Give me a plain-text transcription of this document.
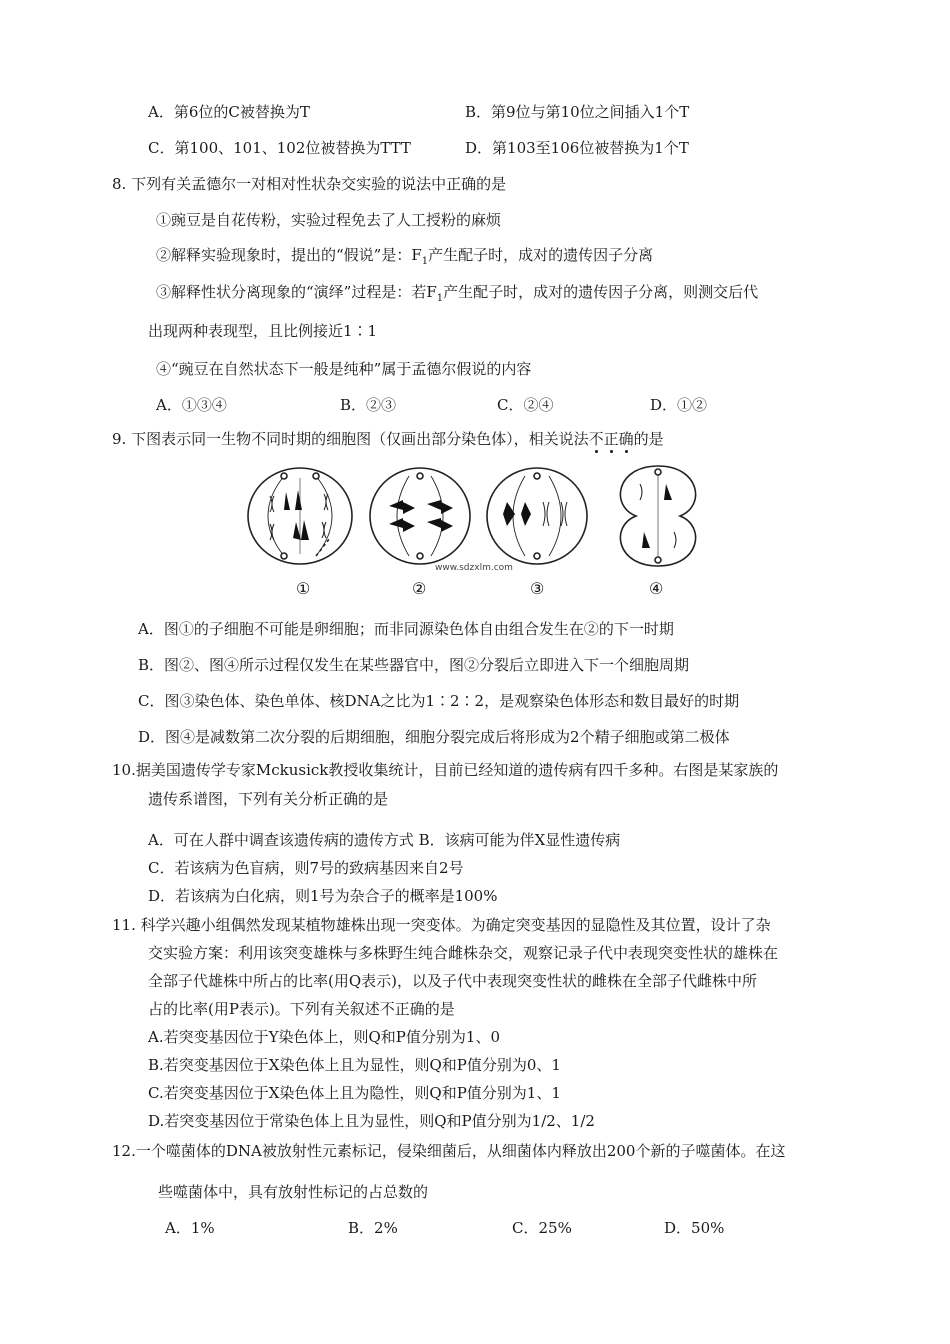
A．第6位的C被替换为T	B．第9位与第10位之间插入1个T
C．第100、101、102位被替换为TTT	D．第103至106位被替换为1个T
8. 下列有关孟德尔一对相对性状杂交实验的说法中正确的是
①豌豆是自花传粉，实验过程免去了人工授粉的麻烦
②解释实验现象时，提出的“假说”是：$F_1$产生配子时，成对的遗传因子分离
③解释性状分离现象的“演绎”过程是：若$F_1$产生配子时，成对的遗传因子分离，则测交后代
出现两种表现型，且比例接近1∶1
④“豌豆在自然状态下一般是纯种”属于孟德尔假说的内容
A．①③④	B．②③	C．②④	D．①②
9. 下图表示同一生物不同时期的细胞图（仅画出部分染色体），相关说法不正确的是
www.sdzxlm.com
①	②	③	④
A．图①的子细胞不可能是卵细胞；而非同源染色体自由组合发生在②的下一时期
B．图②、图④所示过程仅发生在某些器官中，图②分裂后立即进入下一个细胞周期
C．图③染色体、染色单体、核DNA之比为1∶2∶2，是观察染色体形态和数目最好的时期
D．图④是减数第二次分裂的后期细胞，细胞分裂完成后将形成为2个精子细胞或第二极体
10.据美国遗传学专家Mckusick教授收集统计，目前已经知道的遗传病有四千多种。右图是某家族的
遗传系谱图，下列有关分析正确的是
A．可在人群中调查该遗传病的遗传方式 B．该病可能为伴X显性遗传病
C．若该病为色盲病，则7号的致病基因来自2号
D．若该病为白化病，则1号为杂合子的概率是100%
11. 科学兴趣小组偶然发现某植物雄株出现一突变体。为确定突变基因的显隐性及其位置，设计了杂
交实验方案：利用该突变雄株与多株野生纯合雌株杂交，观察记录子代中表现突变性状的雄株在
全部子代雄株中所占的比率(用Q表示)，以及子代中表现突变性状的雌株在全部子代雌株中所
占的比率(用P表示)。下列有关叙述不正确的是
A.若突变基因位于Y染色体上，则Q和P值分别为1、0
B.若突变基因位于X染色体上且为显性，则Q和P值分别为0、1
C.若突变基因位于X染色体上且为隐性，则Q和P值分别为1、1
D.若突变基因位于常染色体上且为显性，则Q和P值分别为1/2、1/2
12.一个噬菌体的DNA被放射性元素标记，侵染细菌后，从细菌体内释放出200个新的子噬菌体。在这
些噬菌体中，具有放射性标记的占总数的
A．1%	B．2%	C．25%	D．50%
